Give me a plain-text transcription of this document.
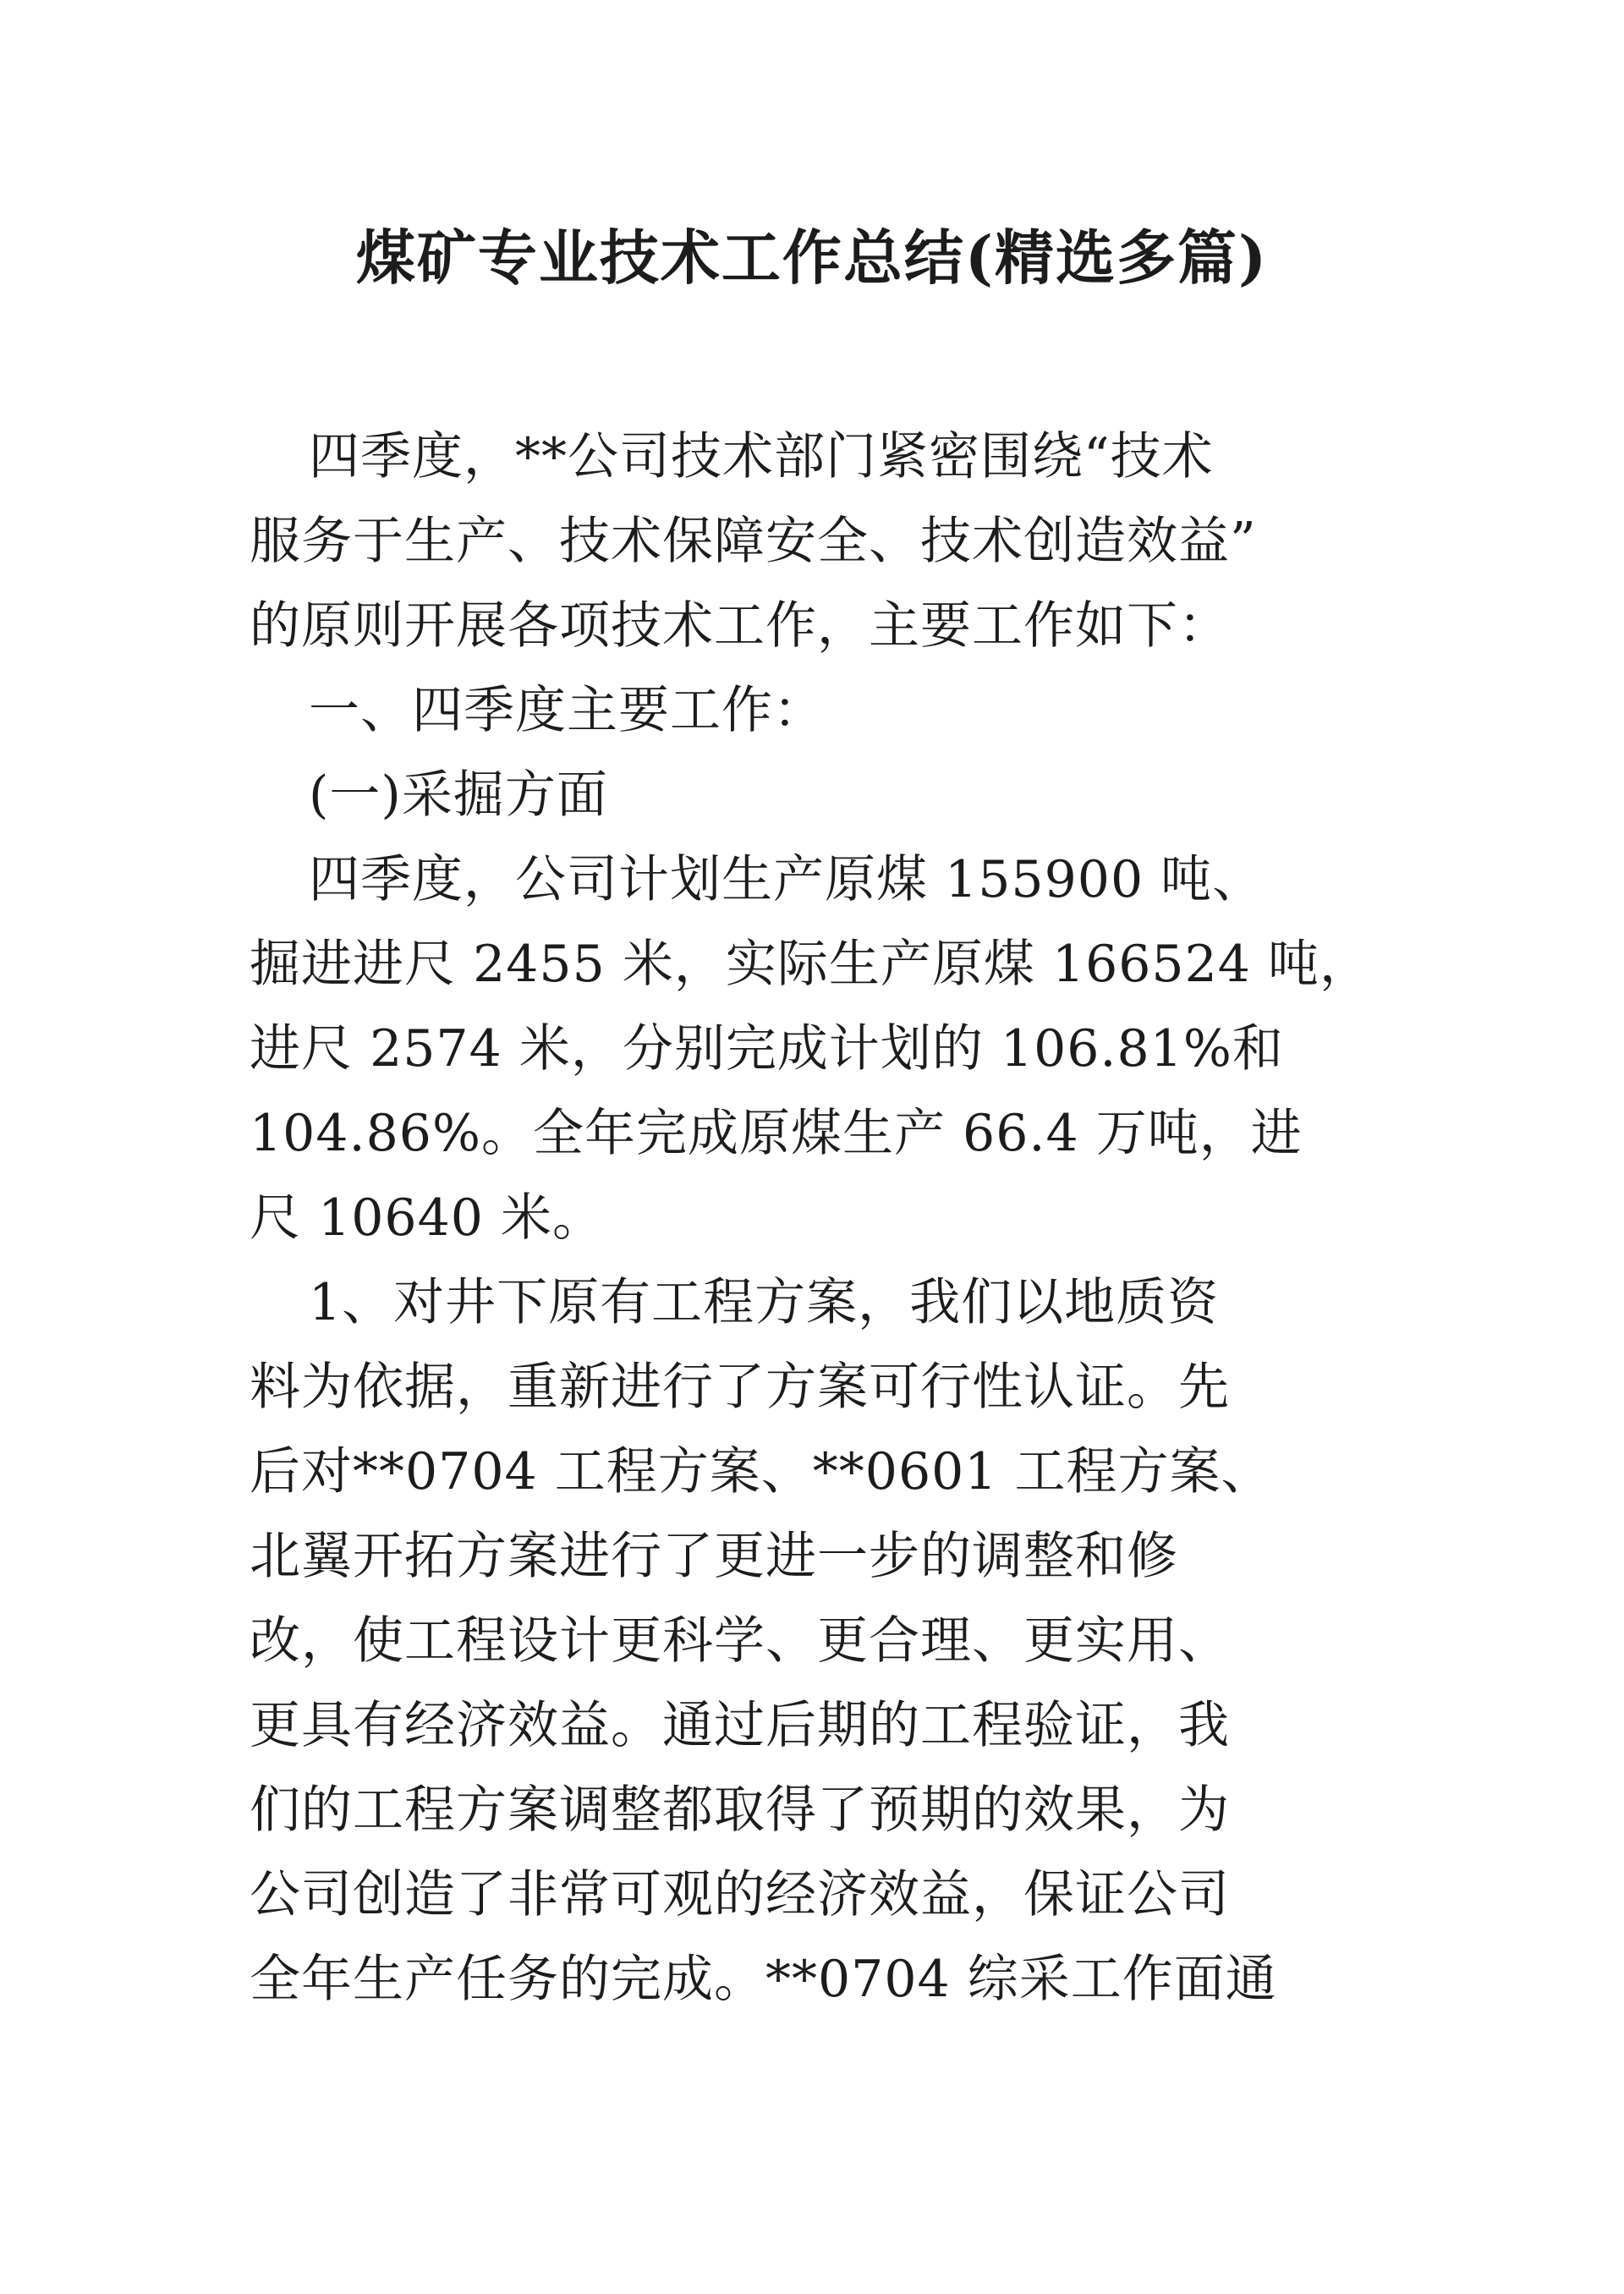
煤矿专业技术工作总结(精选多篇)
四季度，**公司技术部门紧密围绕“技术
服务于生产、技术保障安全、技术创造效益”
的原则开展各项技术工作，主要工作如下：
一、四季度主要工作：
(一)采掘方面
四季度，公司计划生产原煤 155900 吨、
掘进进尺 2455 米，实际生产原煤 166524 吨，
进尺 2574 米，分别完成计划的 106.81%和
104.86%。全年完成原煤生产 66.4 万吨，进
尺 10640 米。
1、对井下原有工程方案，我们以地质资
料为依据，重新进行了方案可行性认证。先
后对**0704 工程方案、**0601 工程方案、
北翼开拓方案进行了更进一步的调整和修
改，使工程设计更科学、更合理、更实用、
更具有经济效益。通过后期的工程验证，我
们的工程方案调整都取得了预期的效果，为
公司创造了非常可观的经济效益，保证公司
全年生产任务的完成。**0704 综采工作面通
